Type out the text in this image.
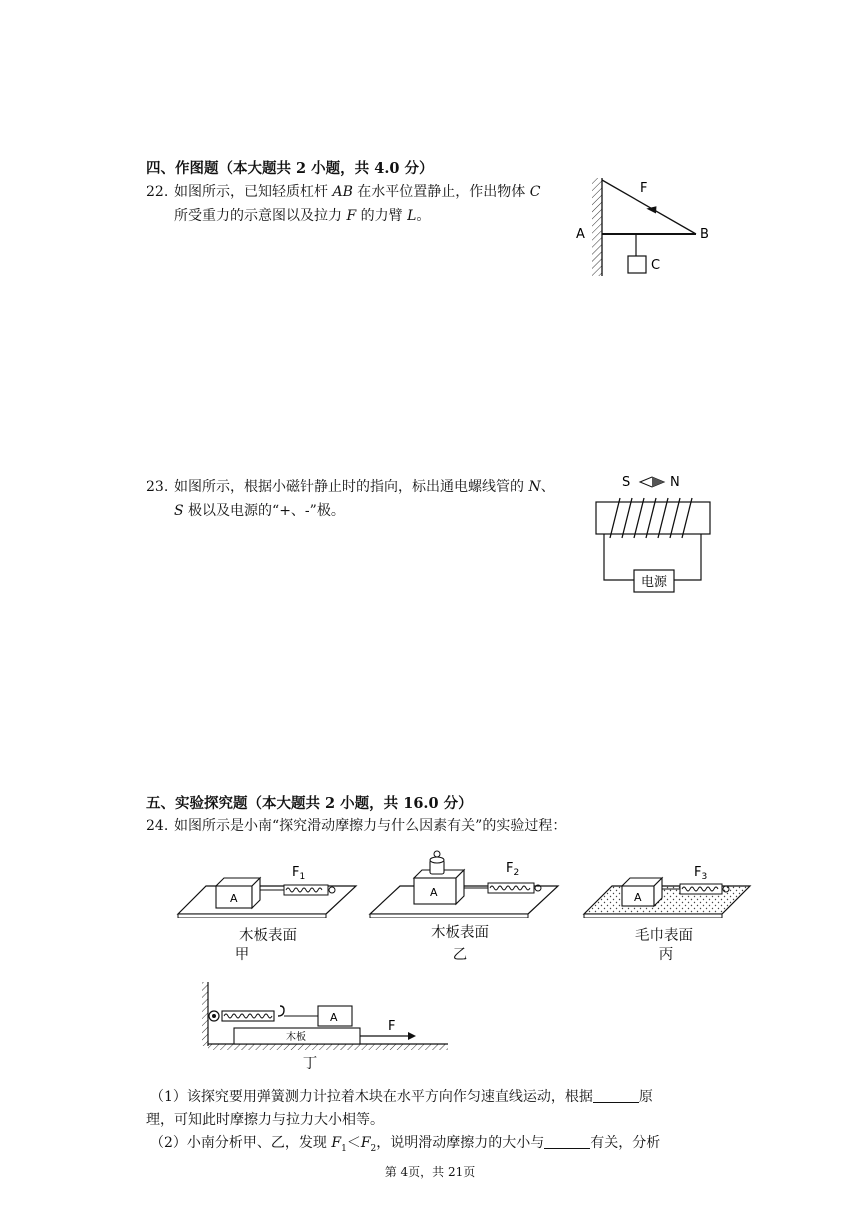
四、作图题（本大题共 2 小题，共 4.0 分）
22. 如图所示，已知轻质杠杆 AB 在水平位置静止，作出物体 C
所受重力的示意图以及拉力 F 的力臂 L。
F
A	B
C
23. 如图所示，根据小磁针静止时的指向，标出通电螺线管的 N、
S 极以及电源的“+、-”极。
S	N
电源
五、实验探究题（本大题共 2 小题，共 16.0 分）
24. 如图所示是小南“探究滑动摩擦力与什么因素有关”的实验过程：
A
$F_1$
木板表面
甲
A
$F_2$
木板表面
乙
A
$F_3$
毛巾表面
丙
A
木板
F
丁
（1）该探究要用弹簧测力计拉着木块在水平方向作匀速直线运动，根据	原
理，可知此时摩擦力与拉力大小相等。
（2）小南分析甲、乙，发现 $F_1<F_2$，说明滑动摩擦力的大小与	有关，分析
第 4页，共 21页
